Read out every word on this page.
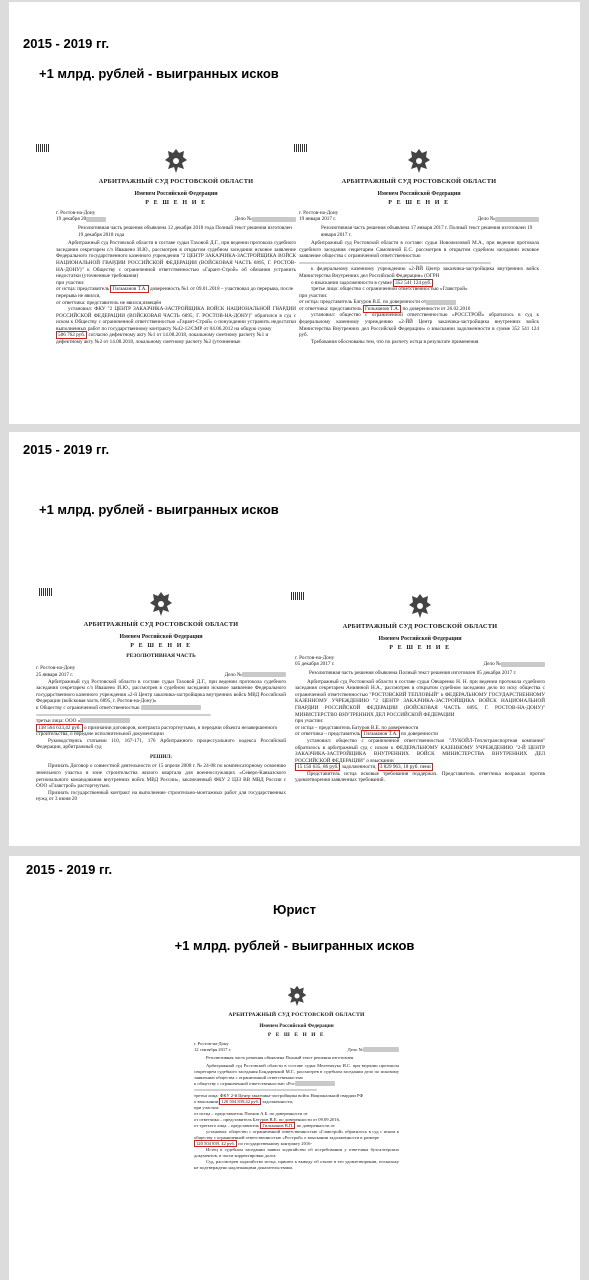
2015 - 2019 гг.
+1 млрд. рублей - выигранных исков
АРБИТРАЖНЫЙ СУД РОСТОВСКОЙ ОБЛАСТИ
Именем Российской Федерации
Р Е Ш Е Н И Е
г. Ростов-на-Дону
19 декабря 20	Дело №
Резолютивная часть решения объявлена 12 декабря 2018 года Полный текст решения изготовлен 19 декабря 2018 года

Арбитражный суд Ростовской области в составе судьи Таховой Д.Г., при ведении протокола судебного заседания секретарем с/з Ивашено И.Ю., рассмотрев в открытом судебном заседании исковое заявление Федерального государственного казенного учреждения "2 ЦЕНТР ЗАКАЗЧИКА-ЗАСТРОЙЩИКА ВОЙСК НАЦИОНАЛЬНОЙ ГВАРДИИ РОССИЙСКОЙ ФЕДЕРАЦИИ (ВОЙСКОВАЯ ЧАСТЬ 6895, Г. РОСТОВ-НА-ДОНУ)" к Обществу с ограниченной ответственностью «Гарант-Строй» об обязании устранить недостатки (уточненные требования)

при участии:
от истца: представитель Гильманов Т.А. доверенность №1 от 09.01.2018 – участвовал до перерыва, после перерыва не явился,
от ответчика: представитель не явился,извещён

установил: ФКУ "2 ЦЕНТР ЗАКАЗЧИКА-ЗАСТРОЙЩИКА ВОЙСК НАЦИОНАЛЬНОЙ ГВАРДИИ РОССИЙСКОЙ ФЕДЕРАЦИИ (ВОЙСКОВАЯ ЧАСТЬ 6895, Г. РОСТОВ-НА-ДОНУ)" обратился в суд с иском к Обществу с ограниченной ответственностью «Гарант-Строй» о понуждении устранить недостатки выполненных работ по государственному контракту №42-12/СМР от 04.06.2012 на общую сумму

586 762 руб. согласно дефектному акту №1 от 14.08.2018, локальному сметному расчету №1 и дефектному акту №2 от 14.08.2018, локальному сметному расчету №2 (уточненные
АРБИТРАЖНЫЙ СУД РОСТОВСКОЙ ОБЛАСТИ
Именем Российской Федерации
Р Е Ш Е Н И Е
г. Ростов-на-Дону
19 января 2017 г.	Дело №
Резолютивная часть решения объявлена 17 января 2017 г. Полный текст решения изготовлен 19 января 2017 г.

Арбитражный суд Ростовской области в составе: судьи Новожиловой М.А., при ведении протокола судебного заседания секретарем Самочиной Е.С. рассмотрев в открытом судебном заседании исковое заявление общества с ограниченной ответственностью

к федеральному казенному учреждению «2-ЙЙ Центр заказчика-застройщика внутренних войск Министерства Внутренних дел Российской Федерации» (ОГРН

о взыскании задолженности в сумме 352 541 124 руб.
третье лицо: общество с ограниченной ответственностью «Главстрой»
при участии:
от истца: представитель Батуров В.Е. по доверенности от
от ответчика: представитель Гильманов Т.А. по доверенности от 26.02.2016

установил: общество с ограниченной ответственностью «РОССТРОЙ» обратилось в суд к федеральному казенному учреждению «2-ЙЙ Центр заказчика-застройщика внутренних войск Министерства Внутренних дел Российской Федерации» о взыскании задолженности в сумме 352 541 124 руб.

Требования обоснованы тем, что по расчету истца в результате применения

2015 - 2019 гг.
+1 млрд. рублей - выигранных исков
АРБИТРАЖНЫЙ СУД РОСТОВСКОЙ ОБЛАСТИ
Именем Российской Федерации
Р Е Ш Е Н И Е
РЕЗОЛЮТИВНАЯ ЧАСТЬ
г. Ростов-на-Дону
25 января 2017 г.	Дело №

Арбитражный суд Ростовской области в составе судьи Таховой Д.Г., при ведении протокола судебного заседания секретарем с/з Ивашено И.Ю., рассмотрев в судебном заседании исковое заявление Федерального государственного казенного учреждения «2-й Центр заказчика-застройщика внутренних войск МВД Российской Федерации (войсковая часть 6895, г. Ростов-на-Дону)»

к Обществу с ограниченной ответственностью
третьи лица: ООО «
138 564 633,42 руб. о признании договоров, контракта расторгнутыми, и передачи объекта незавершенного строительства, о передаче исполнительной документации

Руководствуясь статьями 110, 167-171, 176 Арбитражного процессуального кодекса Российской Федерации, арбитражный суд

РЕШИЛ:

Признать Договор о совместной деятельности от 15 апреля 2008 г. № 24-08 по компенсаторному освоению земельного участка в зоне строительства жилого квартала для военнослужащих «Северо-Кавказского регионального командования внутренних войск МВД России», заключенный ФКУ 2 ЦЗЗ ВВ МВД России с ООО «Главстрой» расторгнутым.

Признать государственный контракт на выполнение строительно-монтажных работ для государственных нужд от 3 июня 20

АРБИТРАЖНЫЙ СУД РОСТОВСКОЙ ОБЛАСТИ
Именем Российской Федерации
Р Е Ш Е Н И Е
г. Ростов-на-Дону
05 декабря 2017 г.	Дело №
Резолютивная часть решения объявлена Полный текст решения изготовлен 05 декабря 2017 г.

Арбитражный суд Ростовской области в составе судьи Овчаренко Н. Н. при ведении протокола судебного заседания секретарем Аниянной Н.А., рассмотрев в открытом судебном заседании дело по иску общества с ограниченной ответственностью "РОСТОВСКИЙ ТЕПЛОВЫЙ" к ФЕДЕРАЛЬНОМУ ГОСУДАРСТВЕННОМУ КАЗЕННОМУ УЧРЕЖДЕНИЮ "2 ЦЕНТР ЗАКАЗЧИКА-ЗАСТРОЙЩИКА ВОЙСК НАЦИОНАЛЬНОЙ ГВАРДИИ РОССИЙСКОЙ ФЕДЕРАЦИИ (ВОЙСКОВАЯ ЧАСТЬ 6895, Г. РОСТОВ-НА-ДОНУ)" МИНИСТЕРСТВО ВНУТРЕННИХ ДЕЛ РОССИЙСКОЙ ФЕДЕРАЦИИ

при участии:
от истца – представитель Батуров В.Е. по доверенности
от ответчика – представитель Гильманов Т.А. по доверенности

установил: общество с ограниченной ответственностью "ЛУКОЙЛ-Теплотранспортная компания" обратилось в арбитражный суд с иском к ФЕДЕРАЛЬНОМУ КАЗЕННОМУ УЧРЕЖДЕНИЮ "2-Й ЦЕНТР ЗАКАЗЧИКА-ЗАСТРОЙЩИКА ВНУТРЕННИХ ВОЙСК МИНИСТЕРСТВА ВНУТРЕННИХ ДЕЛ РОССИЙСКОЙ ФЕДЕРАЦИИ" о взыскании

15 150 635, 86 руб. задолженности, 3 829 963, 18 руб. пени

Представитель истца исковые требования поддержал. Представитель ответчика возражал против удовлетворения заявленных требований.

2015 - 2019 гг.
Юрист
+1 млрд. рублей - выигранных исков
АРБИТРАЖНЫЙ СУД РОСТОВСКОЙ ОБЛАСТИ
Именем Российской Федерации
Р Е Ш Е Н И Е
г. Ростов-на-Дону
12 сентября 2017 г.	Дело №
Резолютивная часть решения объявлена Полный текст решения изготовлен

Арбитражный суд Ростовской области в составе судьи Мелеенчука И.С. при ведении протокола секретарем судебного заседания Бондаренкой М.Г., рассмотрев в судебном заседании дело по исковому заявлению общества с ограниченной ответственностью

к обществу с ограниченной ответственностью «Рос
третьи лица: ФКУ 2-й Центр заказчика-застройщика войск Национальной гвардии РФ
о взыскании 120 504 839,42 руб. задолженности,
при участии:
от истца – представитель Попков А.Б. по доверенности от
от ответчика – представитель Батуров В.Е. по доверенности от 09.09.2016,
от третьего лица – представитель Гильманов В.П. по доверенности от

установил: общество с ограниченной ответственностью «Главстрой» обратилось в суд с иском к обществу с ограниченной ответственностью «Рострой» о взыскании задолженности в размере

120 504 839, 42 руб. по государственному контракту 2016-

Истец в судебном заседании заявил ходатайство об истребовании у ответчика бухгалтерских документов, в части корректировки долга.

Суд, рассмотрев ходатайство истца, пришел к выводу об отказе в его удовлетворении, поскольку не подтверждено надлежащими доказательствами.
